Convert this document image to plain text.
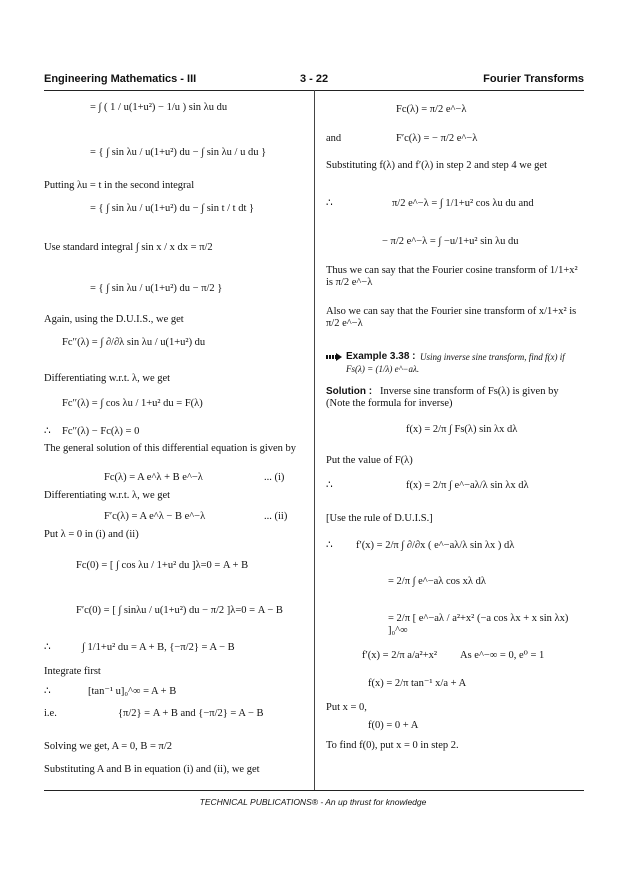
Engineering Mathematics - III	3 - 22	Fourier Transforms
= ∫ ( 1 / u(1+u²) − 1/u ) sin λu du
= { ∫ sin λu / u(1+u²) du − ∫ sin λu / u du }
Putting λu = t in the second integral
= { ∫ sin λu / u(1+u²) du − ∫ sin t / t dt }
Use standard integral ∫ sin x / x dx = π/2
= { ∫ sin λu / u(1+u²) du − π/2 }
Again, using the D.U.I.S., we get
Fc′′(λ) = ∫ ∂/∂λ sin λu / u(1+u²) du
Differentiating w.r.t. λ, we get
Fc′′(λ) = ∫ cos λu / 1+u² du = F(λ)
∴ Fc′′(λ) − Fc(λ) = 0
The general solution of this differential equation is given by
Fc(λ) = A e^λ + B e^−λ	... (i)
Differentiating w.r.t. λ, we get
F′c(λ) = A e^λ − B e^−λ	... (ii)
Put λ = 0 in (i) and (ii)
Fc(0) = [ ∫ cos λu / 1+u² du ]λ=0 = A + B
F′c(0) = [ ∫ sinλu / u(1+u²) du − π/2 ]λ=0 = A − B
∴	∫ 1/1+u² du = A + B, {−π/2} = A − B
Integrate first
∴	[tan⁻¹ u]₀^∞ = A + B
i.e.	{π/2} = A + B and {−π/2} = A − B
Solving we get, A = 0, B = π/2
Substituting A and B in equation (i) and (ii), we get
Fc(λ) = π/2 e^−λ
and	F′c(λ) = − π/2 e^−λ
Substituting f(λ) and f′(λ) in step 2 and step 4 we get
∴	π/2 e^−λ = ∫ 1/1+u² cos λu du and
− π/2 e^−λ = ∫ −u/1+u² sin λu du
Thus we can say that the Fourier cosine transform of 1/1+x² is π/2 e^−λ
Also we can say that the Fourier sine transform of x/1+x² is π/2 e^−λ
Example 3.38 : Using inverse sine transform, find f(x) if Fs(λ) = (1/λ) e^−aλ.
Solution : Inverse sine transform of Fs(λ) is given by (Note the formula for inverse)
f(x) = 2/π ∫ Fs(λ) sin λx dλ
Put the value of F(λ)
∴	f(x) = 2/π ∫ e^−aλ/λ sin λx dλ
[Use the rule of D.U.I.S.]
∴ f′(x) = 2/π ∫ ∂/∂x ( e^−aλ/λ sin λx ) dλ
= 2/π ∫ e^−aλ cos xλ dλ
= 2/π [ e^−aλ / a²+x² (−a cos λx + x sin λx) ]₀^∞
f′(x) = 2/π a/a²+x² As e^−∞ = 0, e⁰ = 1
f(x) = 2/π tan⁻¹ x/a + A
Put x = 0,
f(0) = 0 + A
To find f(0), put x = 0 in step 2.
TECHNICAL PUBLICATIONS® - An up thrust for knowledge
